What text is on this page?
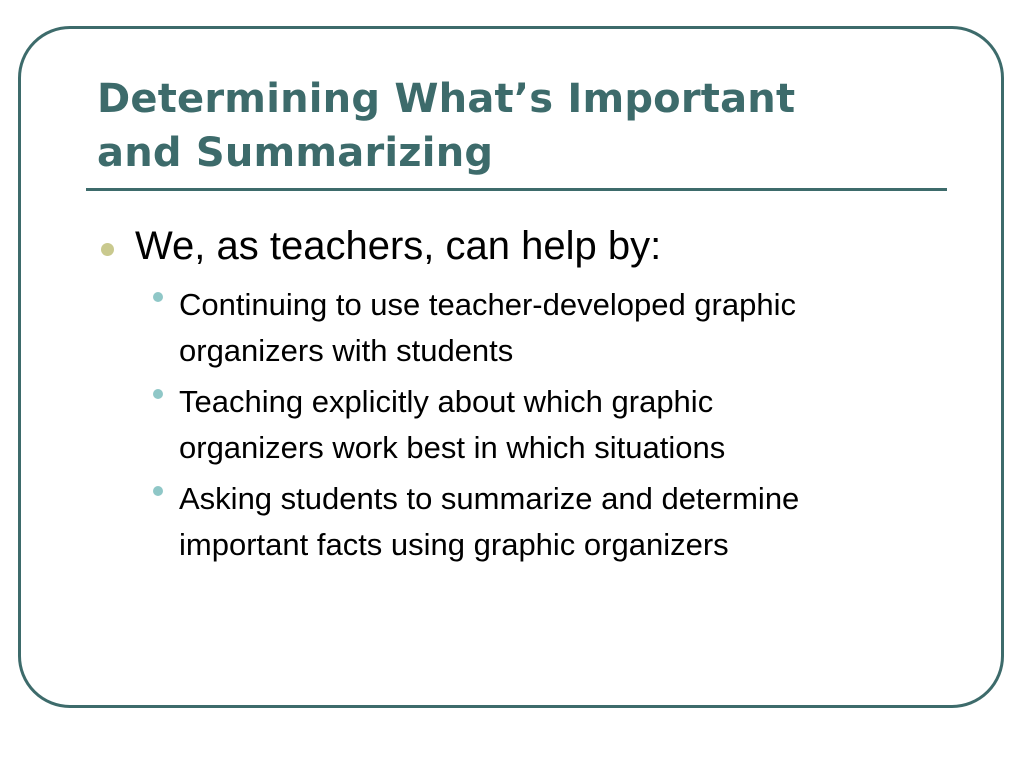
Determining What’s Important
and Summarizing

We, as teachers, can help by:

Continuing to use teacher-developed graphic
organizers with students

Teaching explicitly about which graphic
organizers work best in which situations

Asking students to summarize and determine
important facts using graphic organizers
